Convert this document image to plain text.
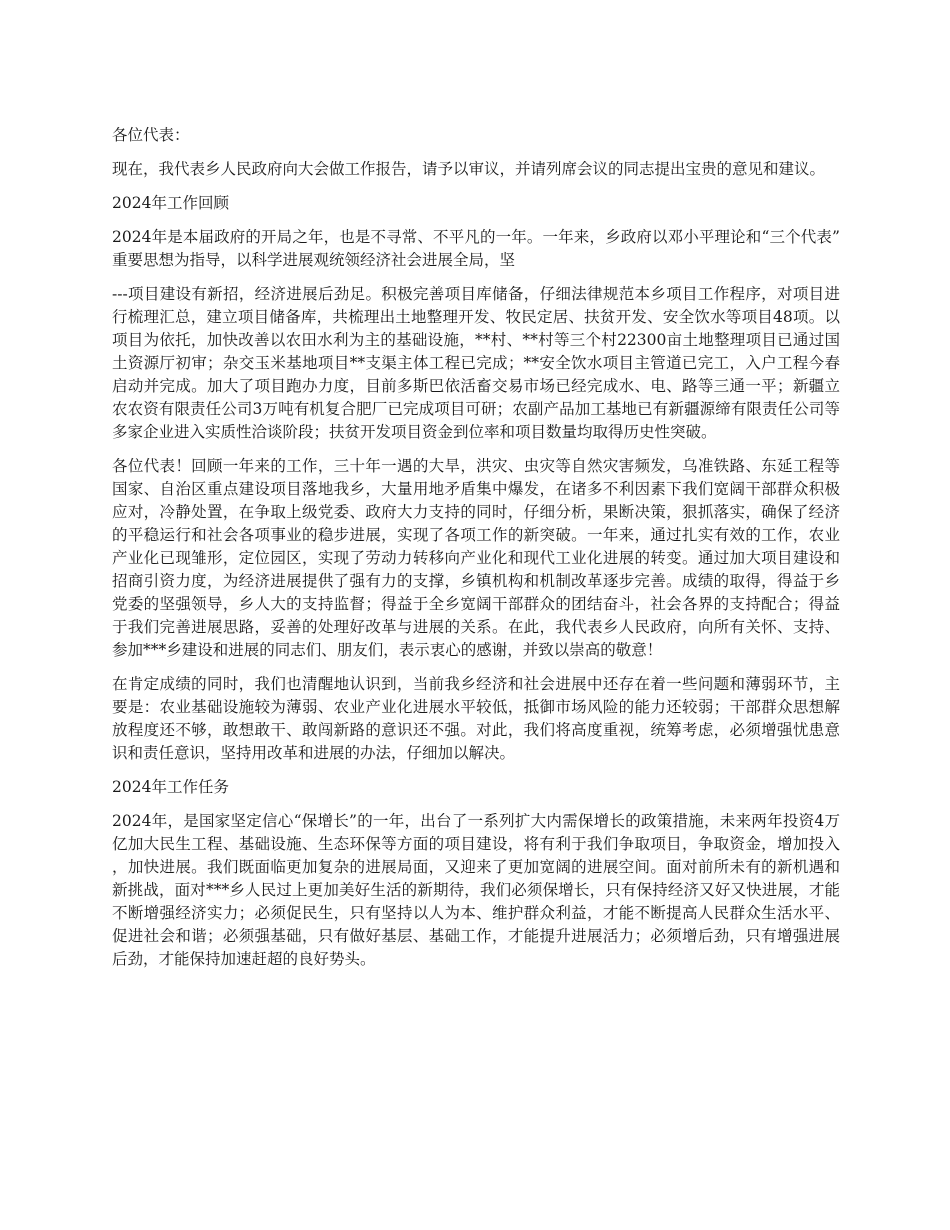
各位代表：

现在，我代表乡人民政府向大会做工作报告，请予以审议，并请列席会议的同志提出宝贵的意见和建议。

2024年工作回顾

2024年是本届政府的开局之年，也是不寻常、不平凡的一年。一年来，乡政府以邓小平理论和“三个代表”重要思想为指导，以科学进展观统领经济社会进展全局，坚

---项目建设有新招，经济进展后劲足。积极完善项目库储备，仔细法律规范本乡项目工作程序，对项目进行梳理汇总，建立项目储备库，共梳理出土地整理开发、牧民定居、扶贫开发、安全饮水等项目48项。以项目为依托，加快改善以农田水利为主的基础设施，**村、**村等三个村22300亩土地整理项目已通过国土资源厅初审；杂交玉米基地项目**支渠主体工程已完成；**安全饮水项目主管道已完工，入户工程今春启动并完成。加大了项目跑办力度，目前多斯巴依活畜交易市场已经完成水、电、路等三通一平；新疆立农农资有限责任公司3万吨有机复合肥厂已完成项目可研；农副产品加工基地已有新疆源缔有限责任公司等多家企业进入实质性洽谈阶段；扶贫开发项目资金到位率和项目数量均取得历史性突破。

各位代表！回顾一年来的工作，三十年一遇的大旱，洪灾、虫灾等自然灾害频发，乌准铁路、东延工程等国家、自治区重点建设项目落地我乡，大量用地矛盾集中爆发，在诸多不利因素下我们宽阔干部群众积极应对，冷静处置，在争取上级党委、政府大力支持的同时，仔细分析，果断决策，狠抓落实，确保了经济的平稳运行和社会各项事业的稳步进展，实现了各项工作的新突破。一年来，通过扎实有效的工作，农业产业化已现雏形，定位园区，实现了劳动力转移向产业化和现代工业化进展的转变。通过加大项目建设和招商引资力度，为经济进展提供了强有力的支撑，乡镇机构和机制改革逐步完善。成绩的取得，得益于乡党委的坚强领导，乡人大的支持监督；得益于全乡宽阔干部群众的团结奋斗，社会各界的支持配合；得益于我们完善进展思路，妥善的处理好改革与进展的关系。在此，我代表乡人民政府，向所有关怀、支持、参加***乡建设和进展的同志们、朋友们，表示衷心的感谢，并致以崇高的敬意！

在肯定成绩的同时，我们也清醒地认识到，当前我乡经济和社会进展中还存在着一些问题和薄弱环节，主要是：农业基础设施较为薄弱、农业产业化进展水平较低，抵御市场风险的能力还较弱；干部群众思想解放程度还不够，敢想敢干、敢闯新路的意识还不强。对此，我们将高度重视，统筹考虑，必须增强忧患意识和责任意识，坚持用改革和进展的办法，仔细加以解决。

2024年工作任务

2024年，是国家坚定信心“保增长”的一年，出台了一系列扩大内需保增长的政策措施，未来两年投资4万亿加大民生工程、基础设施、生态环保等方面的项目建设，将有利于我们争取项目，争取资金，增加投入，加快进展。我们既面临更加复杂的进展局面，又迎来了更加宽阔的进展空间。面对前所未有的新机遇和新挑战，面对***乡人民过上更加美好生活的新期待，我们必须保增长，只有保持经济又好又快进展，才能不断增强经济实力；必须促民生，只有坚持以人为本、维护群众利益，才能不断提高人民群众生活水平、促进社会和谐；必须强基础，只有做好基层、基础工作，才能提升进展活力；必须增后劲，只有增强进展后劲，才能保持加速赶超的良好势头。
